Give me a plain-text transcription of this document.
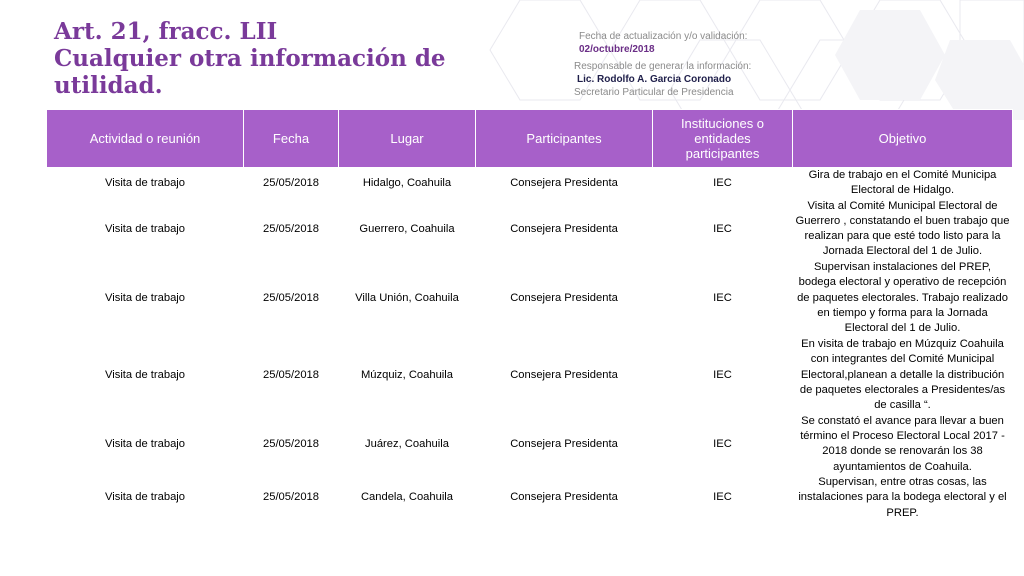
Art. 21, fracc. LII
Cualquier otra información de
utilidad.
Fecha de actualización y/o validación:
02/octubre/2018
Responsable de generar la información:
Lic. Rodolfo A. Garcia Coronado
Secretario Particular de Presidencia
Actividad o reunión	Fecha	Lugar	Participantes	Instituciones o entidades participantes	Objetivo
Visita de trabajo	25/05/2018	Hidalgo, Coahuila	Consejera Presidenta	IEC	Gira de trabajo en el Comité Municipa Electoral de Hidalgo.
Visita de trabajo	25/05/2018	Guerrero, Coahuila	Consejera Presidenta	IEC	Visita al Comité Municipal Electoral de Guerrero , constatando el buen trabajo que realizan para que esté todo listo para la Jornada Electoral del 1 de Julio.
Visita de trabajo	25/05/2018	Villa Unión, Coahuila	Consejera Presidenta	IEC	Supervisan instalaciones del PREP, bodega electoral y operativo de recepción de paquetes electorales. Trabajo realizado en tiempo y forma para la Jornada Electoral del 1 de Julio.
Visita de trabajo	25/05/2018	Múzquiz, Coahuila	Consejera Presidenta	IEC	En visita de trabajo en Múzquiz Coahuila con integrantes del Comité Municipal Electoral,planean a detalle la distribución de paquetes electorales a Presidentes/as de casilla “.
Visita de trabajo	25/05/2018	Juárez, Coahuila	Consejera Presidenta	IEC	Se constató el avance para llevar a buen término el Proceso Electoral Local 2017 - 2018 donde se renovarán los 38 ayuntamientos de Coahuila.
Visita de trabajo	25/05/2018	Candela, Coahuila	Consejera Presidenta	IEC	Supervisan, entre otras cosas, las instalaciones para la bodega electoral y el PREP.
